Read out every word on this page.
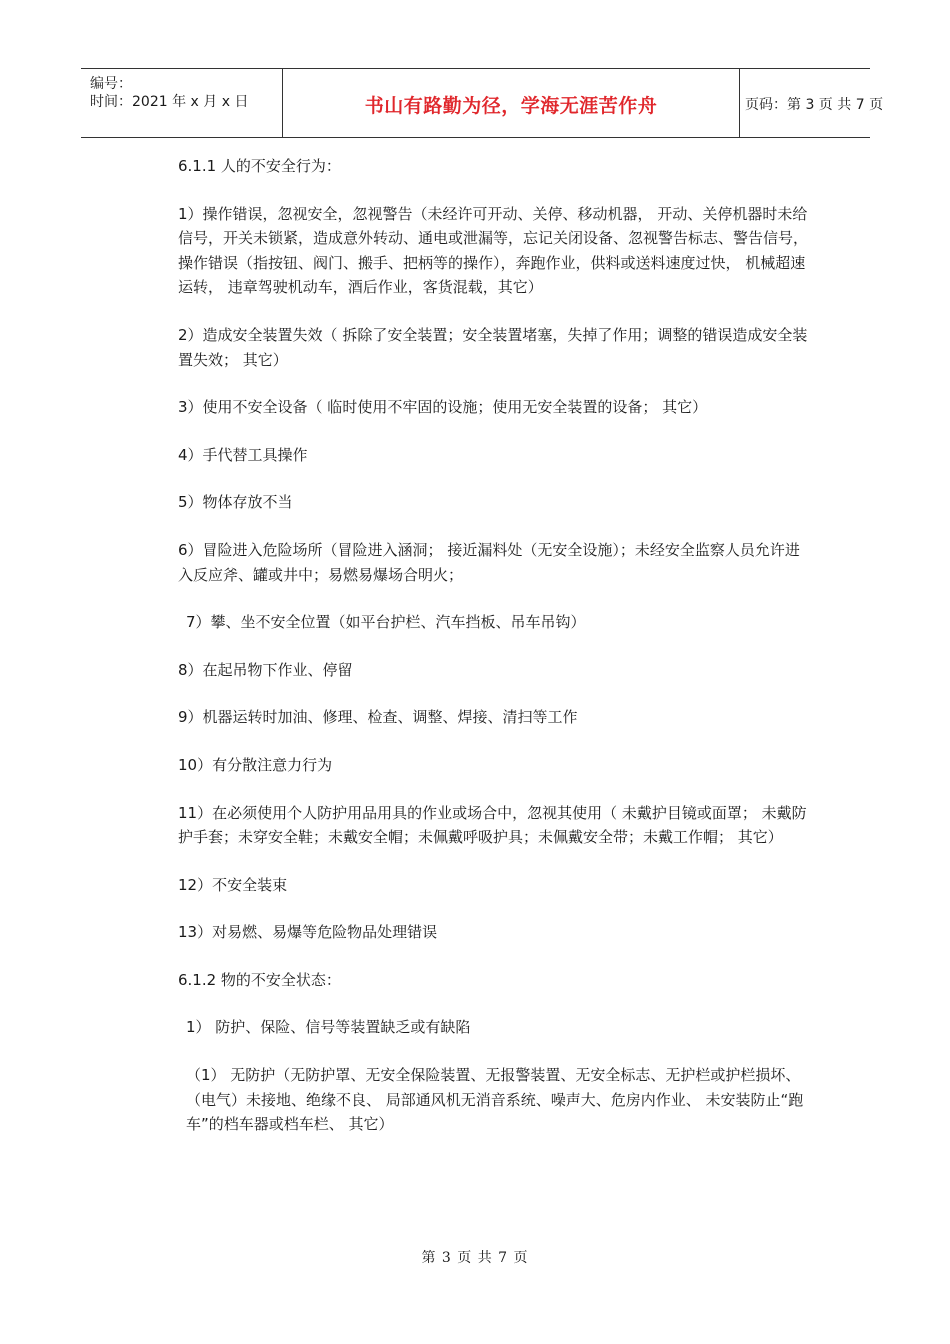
编号：
时间：2021 年 x 月 x 日	书山有路勤为径，学海无涯苦作舟	页码：第 3 页 共 7 页

6.1.1 人的不安全行为：

1）操作错误，忽视安全，忽视警告（未经许可开动、关停、移动机器， 开动、关停机器时未给信号，开关未锁紧，造成意外转动、通电或泄漏等，忘记关闭设备、忽视警告标志、警告信号，操作错误（指按钮、阀门、搬手、把柄等的操作），奔跑作业，供料或送料速度过快， 机械超速运转， 违章驾驶机动车，酒后作业，客货混载，其它）

2）造成安全装置失效（ 拆除了安全装置；安全装置堵塞，失掉了作用；调整的错误造成安全装置失效； 其它）

3）使用不安全设备（ 临时使用不牢固的设施；使用无安全装置的设备； 其它）

4）手代替工具操作

5）物体存放不当

6）冒险进入危险场所（冒险进入涵洞； 接近漏料处（无安全设施）；未经安全监察人员允许进入反应斧、罐或井中；易燃易爆场合明火；

7）攀、坐不安全位置（如平台护栏、汽车挡板、吊车吊钩）

8）在起吊物下作业、停留

9）机器运转时加油、修理、检查、调整、焊接、清扫等工作

10）有分散注意力行为

11）在必须使用个人防护用品用具的作业或场合中，忽视其使用（ 未戴护目镜或面罩； 未戴防护手套；未穿安全鞋；未戴安全帽；未佩戴呼吸护具；未佩戴安全带；未戴工作帽； 其它）

12）不安全装束

13）对易燃、易爆等危险物品处理错误

6.1.2 物的不安全状态：

1） 防护、保险、信号等装置缺乏或有缺陷

（1） 无防护（无防护罩、无安全保险装置、无报警装置、无安全标志、无护栏或护栏损坏、 （电气）未接地、绝缘不良、 局部通风机无消音系统、噪声大、危房内作业、 未安装防止“跑车”的档车器或档车栏、 其它）

第 3 页 共 7 页
